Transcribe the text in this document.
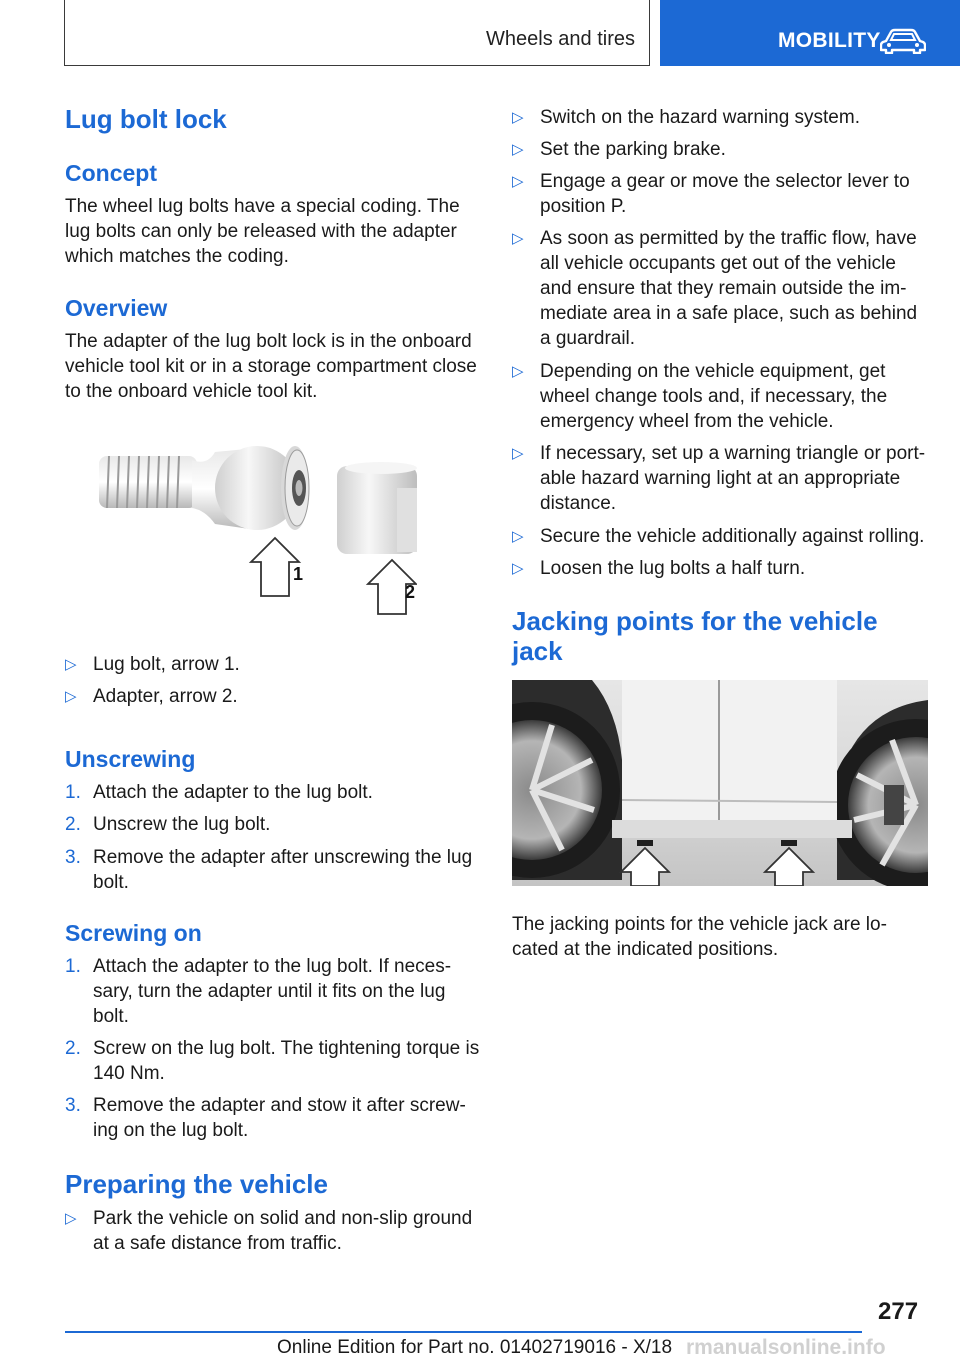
Wheels and tires	MOBILITY
Lug bolt lock
Concept
The wheel lug bolts have a special coding. The lug bolts can only be released with the adapter which matches the coding.
Overview
The adapter of the lug bolt lock is in the onboard vehicle tool kit or in a storage compartment close to the onboard vehicle tool kit.
1
2
▷ Lug bolt, arrow 1.
▷ Adapter, arrow 2.
Unscrewing
1. Attach the adapter to the lug bolt.
2. Unscrew the lug bolt.
3. Remove the adapter after unscrewing the lug bolt.
Screwing on
1. Attach the adapter to the lug bolt. If neces‐sary, turn the adapter until it fits on the lug bolt.
2. Screw on the lug bolt. The tightening torque is 140 Nm.
3. Remove the adapter and stow it after screw‐ing on the lug bolt.
Preparing the vehicle
▷ Park the vehicle on solid and non-slip ground at a safe distance from traffic.
▷ Switch on the hazard warning system.
▷ Set the parking brake.
▷ Engage a gear or move the selector lever to position P.
▷ As soon as permitted by the traffic flow, have all vehicle occupants get out of the vehicle and ensure that they remain outside the im‐mediate area in a safe place, such as behind a guardrail.
▷ Depending on the vehicle equipment, get wheel change tools and, if necessary, the emergency wheel from the vehicle.
▷ If necessary, set up a warning triangle or port‐able hazard warning light at an appropriate distance.
▷ Secure the vehicle additionally against rolling.
▷ Loosen the lug bolts a half turn.
Jacking points for the vehicle jack
The jacking points for the vehicle jack are lo‐cated at the indicated positions.
277
Online Edition for Part no. 01402719016 - X/18 rmanualsonline.info
